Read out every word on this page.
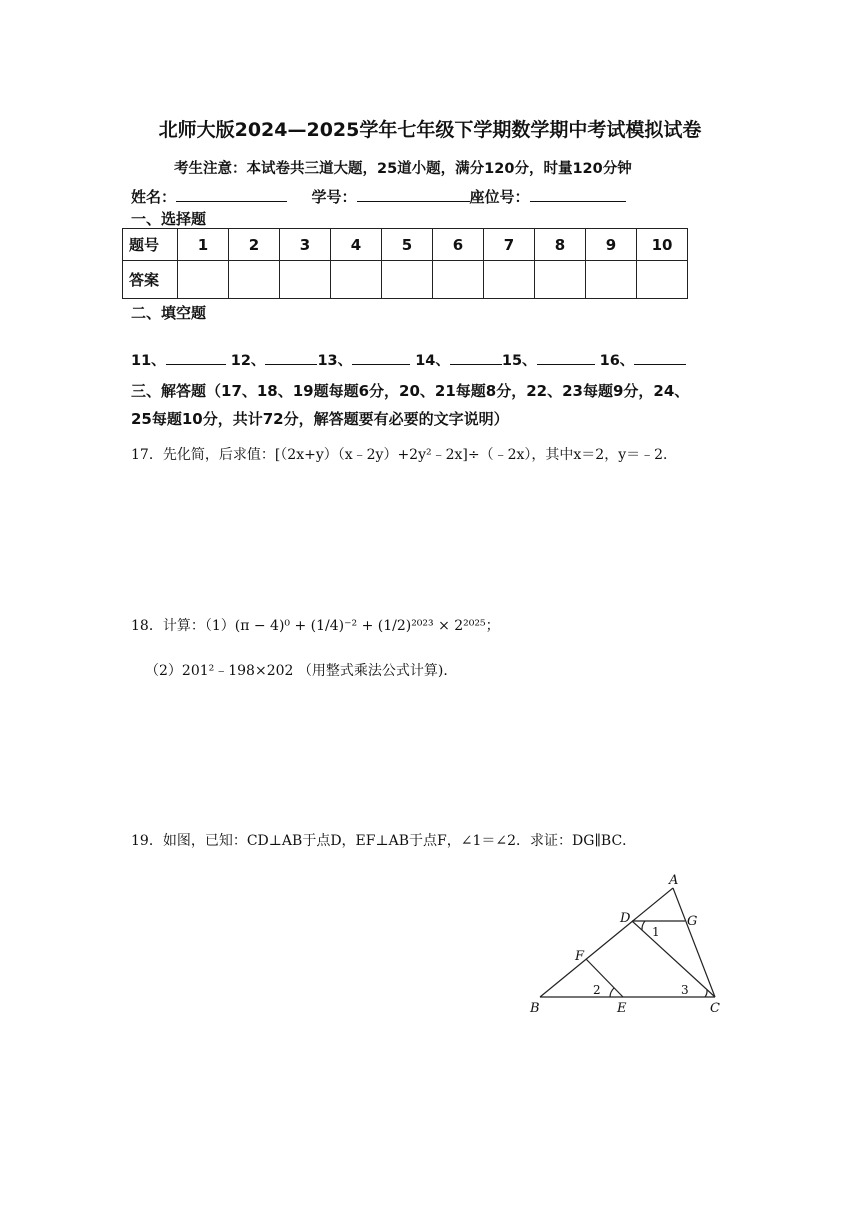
北师大版2024—2025学年七年级下学期数学期中考试模拟试卷
考生注意：本试卷共三道大题，25道小题，满分120分，时量120分钟
姓名：	学号：	座位号：
一、选择题
题号	1	2	3	4	5	6	7	8	9	10
答案										
二、填空题
11、	12、	13、	14、	15、	16、
三、解答题（17、18、19题每题6分，20、21每题8分，22、23每题9分，24、
25每题10分，共计72分，解答题要有必要的文字说明）
17．先化简，后求值：[（2x+y）（x﹣2y）+2y²﹣2x]÷（﹣2x），其中x＝2，y＝﹣2．
18．计算：（1）(π − 4)⁰ + (1/4)⁻² + (1/2)²⁰²³ × 2²⁰²⁵；
（2）201²﹣198×202 （用整式乘法公式计算)．
19．如图，已知：CD⊥AB于点D，EF⊥AB于点F，∠1＝∠2．求证：DG∥BC．
A
B	C
D
E
F
G
1
2	3
